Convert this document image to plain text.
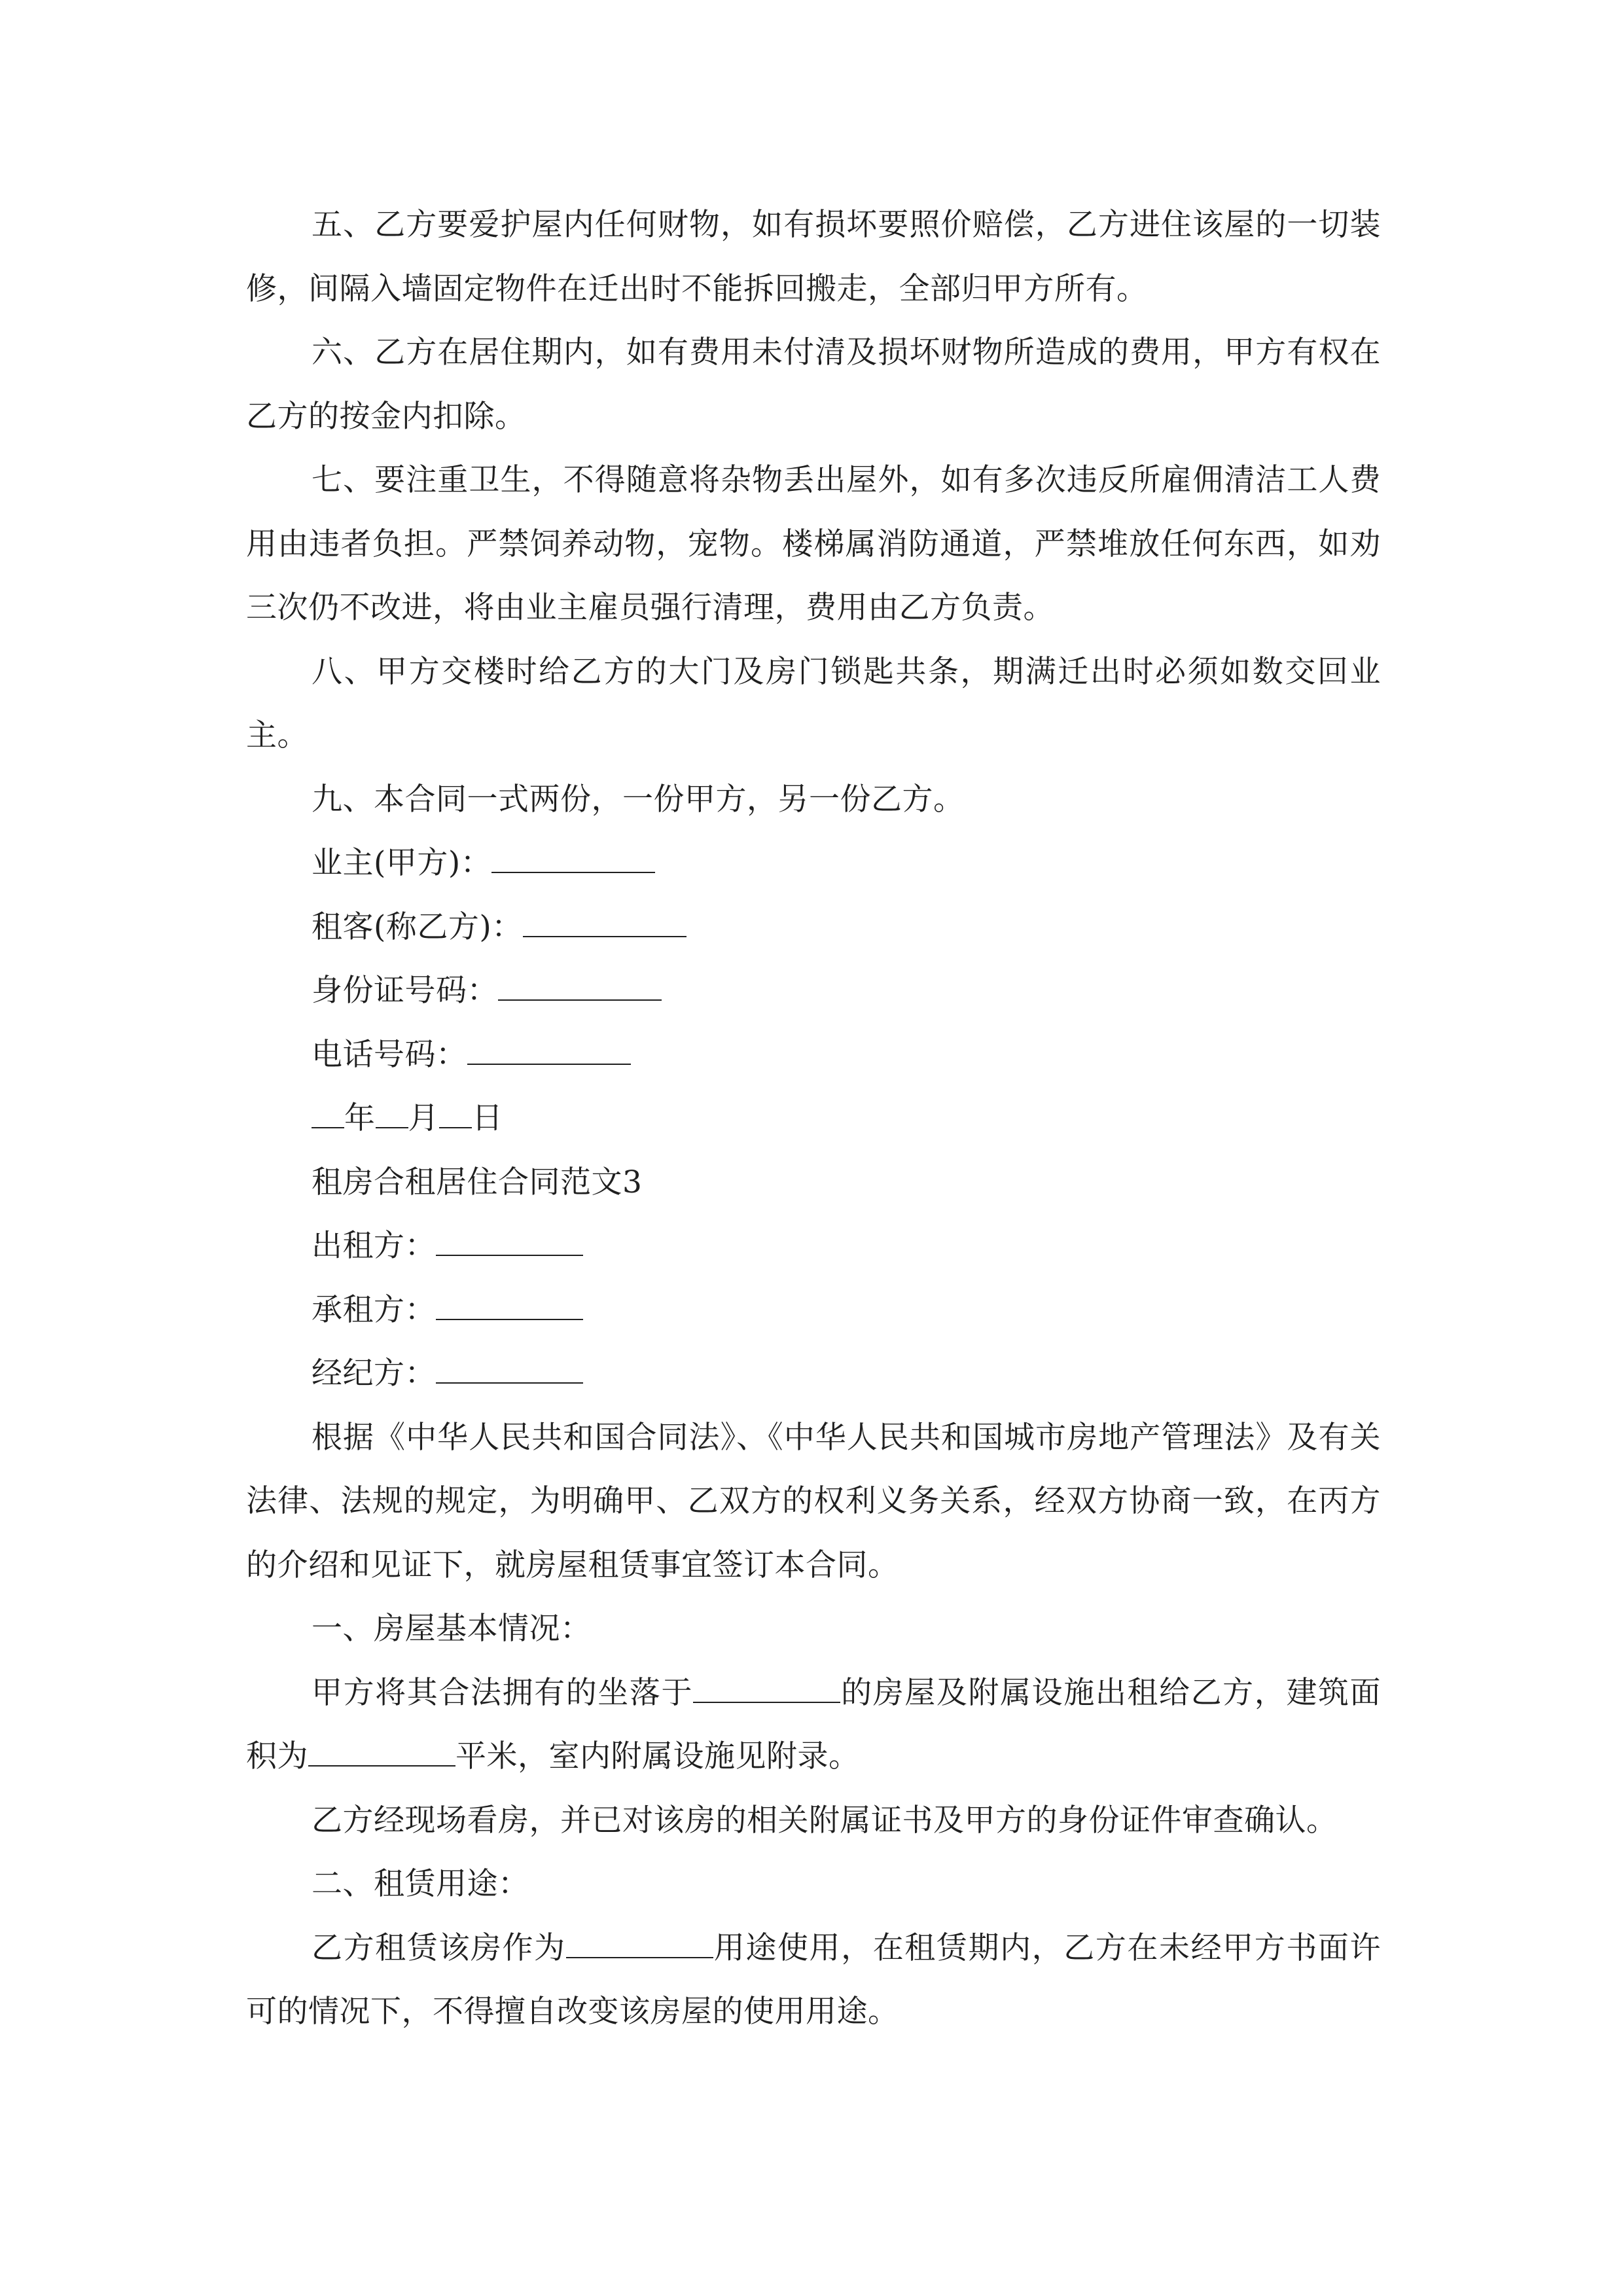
五、乙方要爱护屋内任何财物，如有损坏要照价赔偿，乙方进住该屋的一切装修，间隔入墙固定物件在迁出时不能拆回搬走，全部归甲方所有。

六、乙方在居住期内，如有费用未付清及损坏财物所造成的费用，甲方有权在乙方的按金内扣除。

七、要注重卫生，不得随意将杂物丢出屋外，如有多次违反所雇佣清洁工人费用由违者负担。严禁饲养动物，宠物。楼梯属消防通道，严禁堆放任何东西，如劝三次仍不改进，将由业主雇员强行清理，费用由乙方负责。

八、甲方交楼时给乙方的大门及房门锁匙共条，期满迁出时必须如数交回业主。

九、本合同一式两份，一份甲方，另一份乙方。

业主(甲方)：
租客(称乙方)：
身份证号码：
电话号码：
年 月 日
租房合租居住合同范文3
出租方：
承租方：
经纪方：

根据《中华人民共和国合同法》、《中华人民共和国城市房地产管理法》及有关法律、法规的规定，为明确甲、乙双方的权利义务关系，经双方协商一致，在丙方的介绍和见证下，就房屋租赁事宜签订本合同。

一、房屋基本情况：

甲方将其合法拥有的坐落于	的房屋及附属设施出租给乙方，建筑面积为	平米，室内附属设施见附录。

乙方经现场看房，并已对该房的相关附属证书及甲方的身份证件审查确认。

二、租赁用途：

乙方租赁该房作为	用途使用，在租赁期内，乙方在未经甲方书面许可的情况下，不得擅自改变该房屋的使用用途。
